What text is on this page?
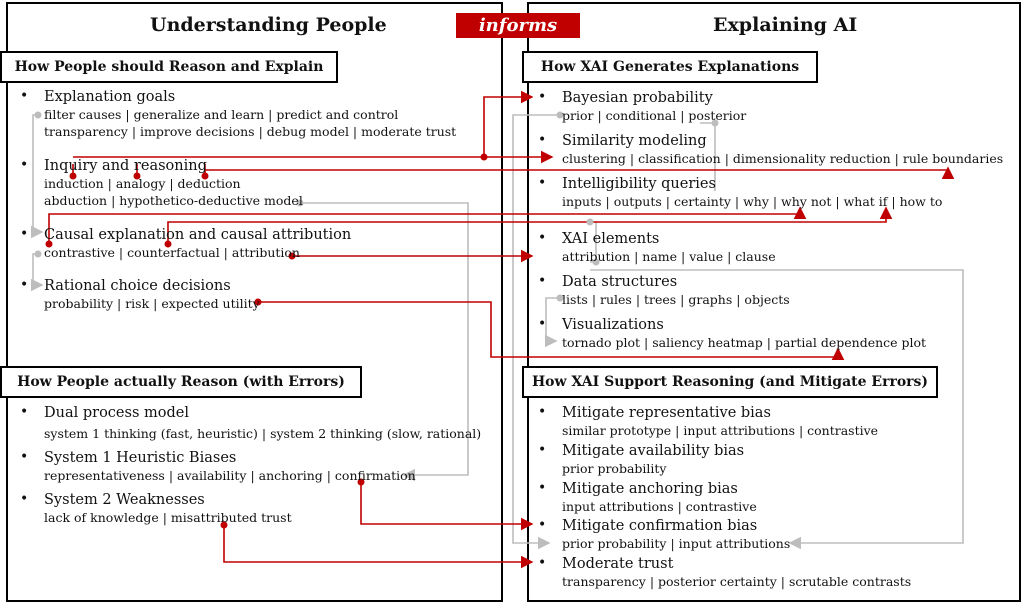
Understanding People	Explaining AI
informs
How People should Reason and Explain
How People actually Reason (with Errors)
How XAI Generates Explanations
How XAI Support Reasoning (and Mitigate Errors)
• Explanation goals
filter causes | generalize and learn | predict and control
transparency | improve decisions | debug model | moderate trust
• Inquiry and reasoning
induction | analogy | deduction
abduction | hypothetico-deductive model
• Causal explanation and causal attribution
contrastive | counterfactual | attribution
• Rational choice decisions
probability | risk | expected utility
• Dual process model
system 1 thinking (fast, heuristic) | system 2 thinking (slow, rational)
• System 1 Heuristic Biases
representativeness | availability | anchoring | confirmation
• System 2 Weaknesses
lack of knowledge | misattributed trust
• Bayesian probability
prior | conditional | posterior
• Similarity modeling
clustering | classification | dimensionality reduction | rule boundaries
• Intelligibility queries
inputs | outputs | certainty | why | why not | what if | how to
• XAI elements
attribution | name | value | clause
• Data structures
lists | rules | trees | graphs | objects
• Visualizations
tornado plot | saliency heatmap | partial dependence plot
• Mitigate representative bias
similar prototype | input attributions | contrastive
• Mitigate availability bias
prior probability
• Mitigate anchoring bias
input attributions | contrastive
• Mitigate confirmation bias
prior probability | input attributions
• Moderate trust
transparency | posterior certainty | scrutable contrasts
